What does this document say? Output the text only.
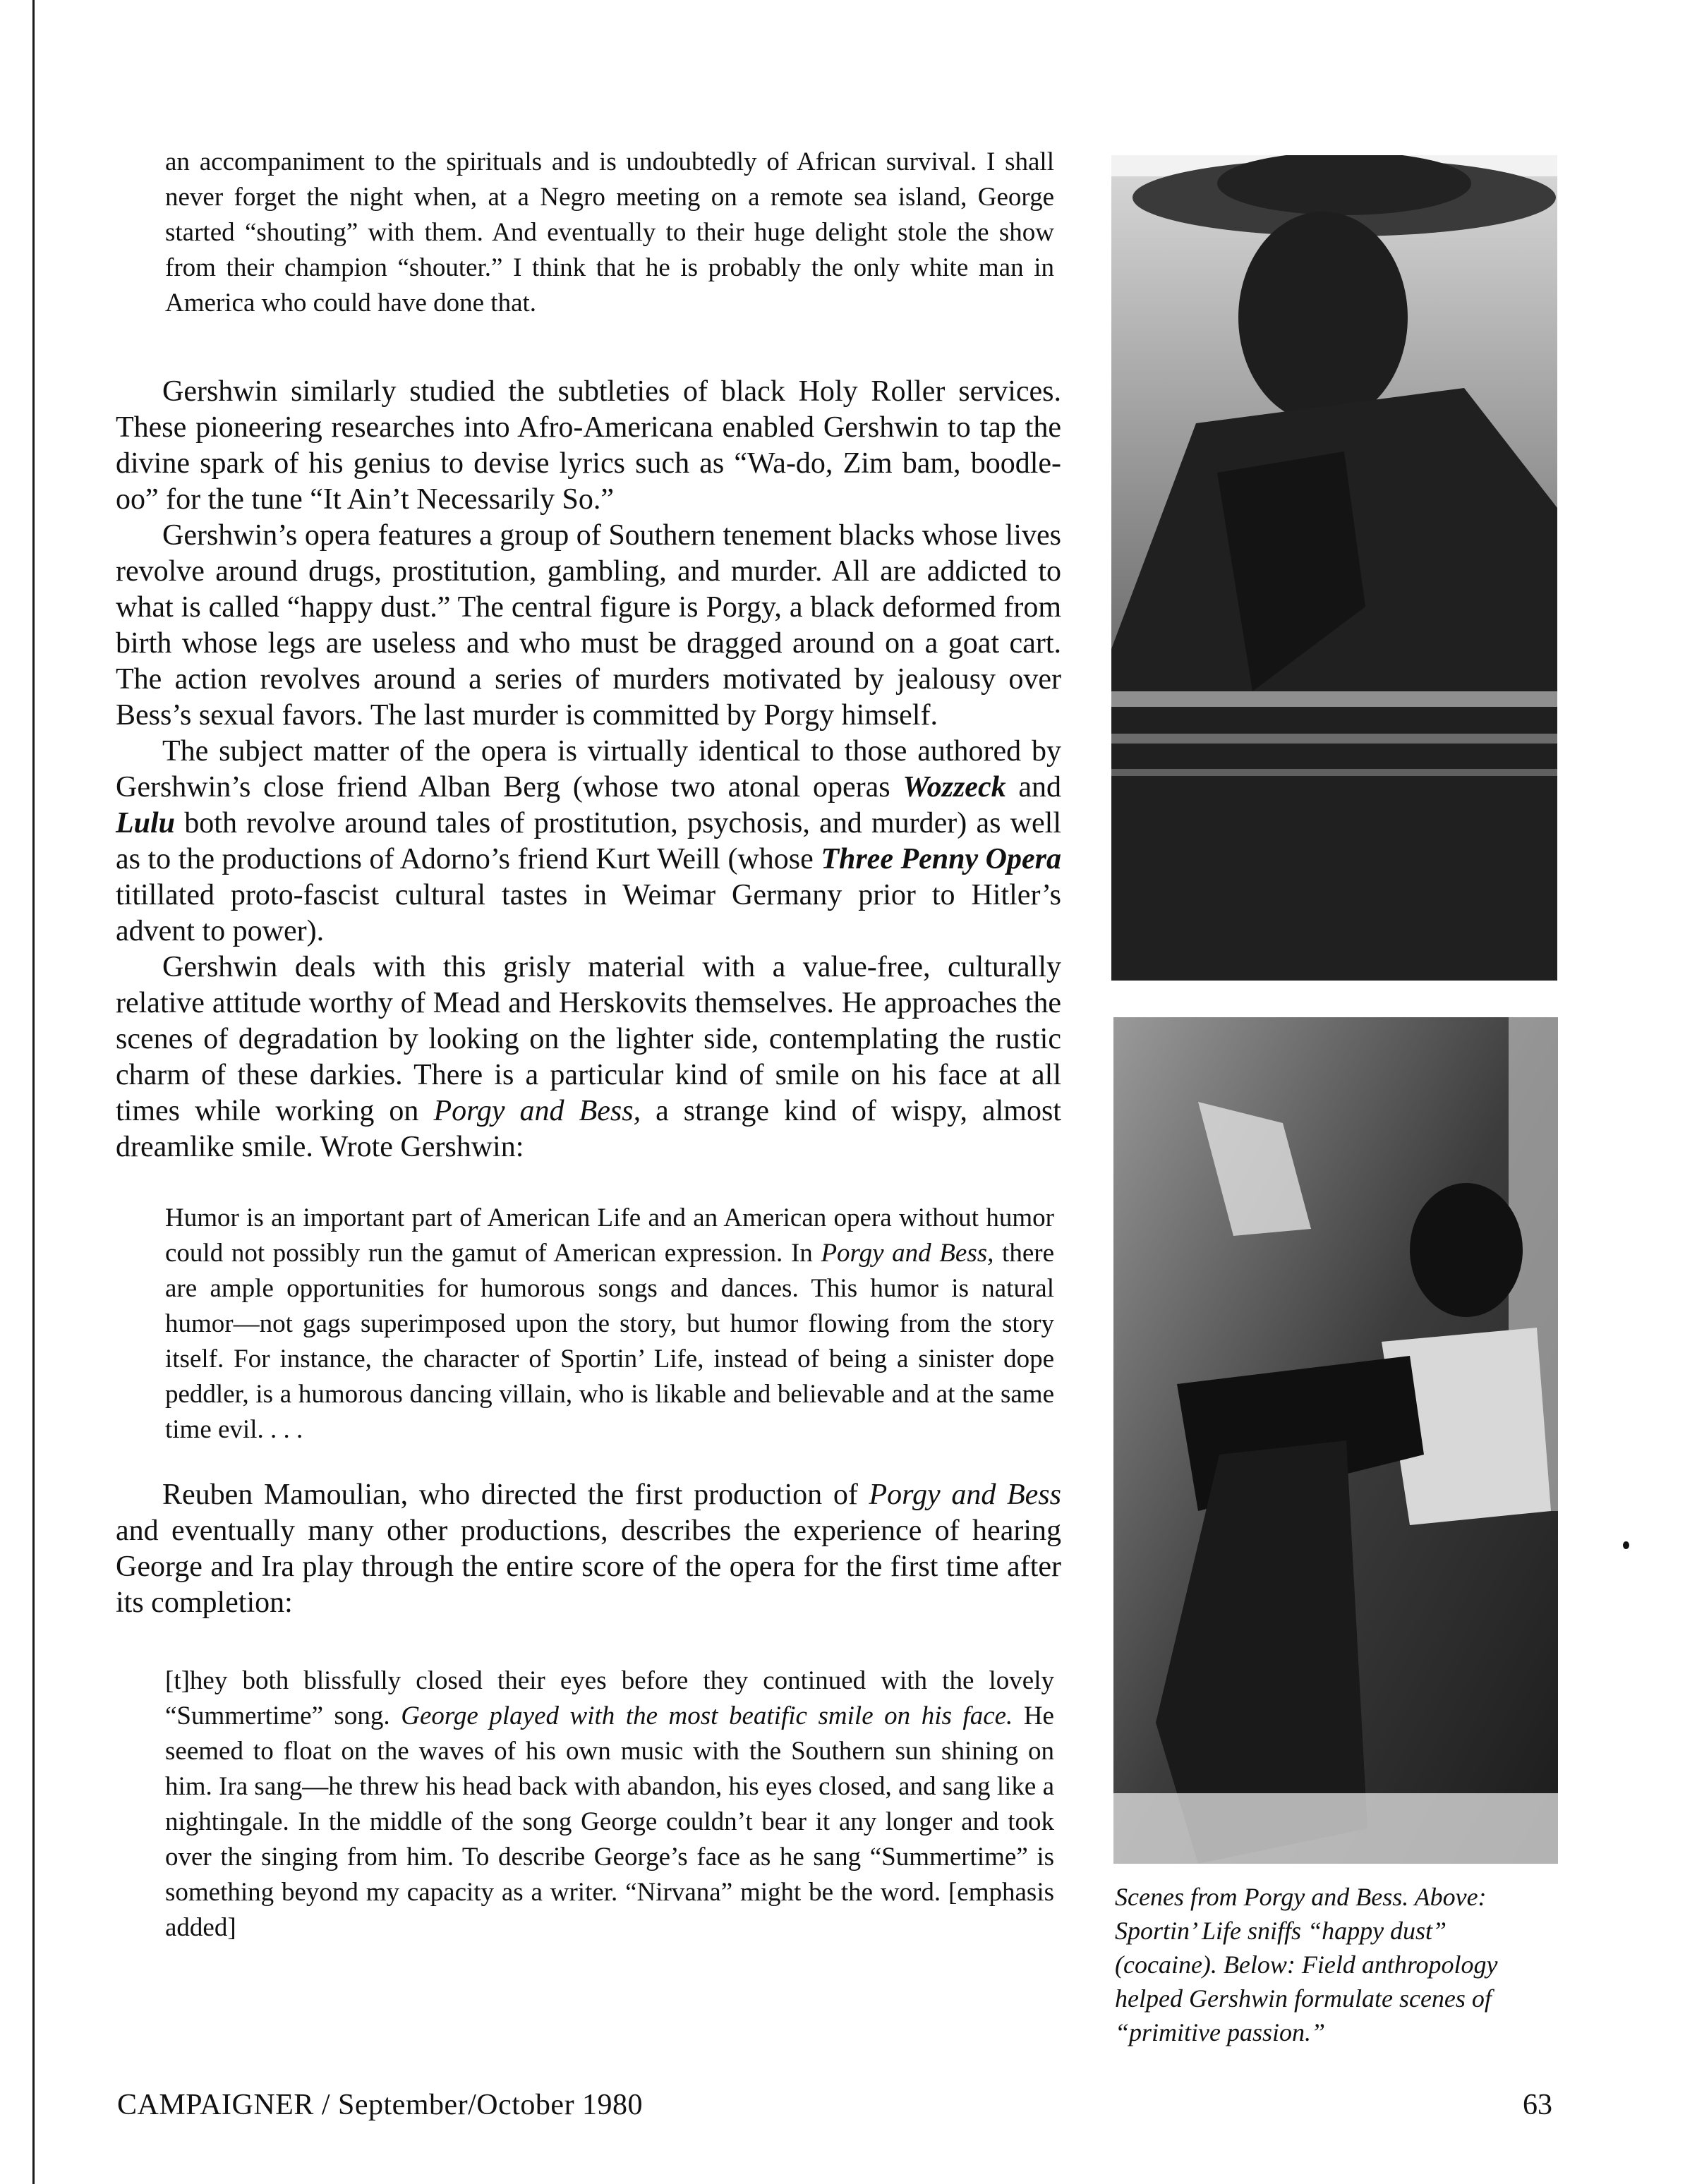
an accompaniment to the spirituals and is undoubtedly of African survival. I shall never forget the night when, at a Negro meeting on a remote sea island, George started “shouting” with them. And eventually to their huge delight stole the show from their champion “shouter.” I think that he is probably the only white man in America who could have done that.

Gershwin similarly studied the subtleties of black Holy Roller services. These pioneering researches into Afro-Americana enabled Gershwin to tap the divine spark of his genius to devise lyrics such as “Wa-do, Zim bam, boodle-oo” for the tune “It Ain’t Necessarily So.”

Gershwin’s opera features a group of Southern tenement blacks whose lives revolve around drugs, prostitution, gambling, and murder. All are addicted to what is called “happy dust.” The central figure is Porgy, a black deformed from birth whose legs are useless and who must be dragged around on a goat cart. The action revolves around a series of murders motivated by jealousy over Bess’s sexual favors. The last murder is committed by Porgy himself.

The subject matter of the opera is virtually identical to those authored by Gershwin’s close friend Alban Berg (whose two atonal operas Wozzeck and Lulu both revolve around tales of prostitution, psychosis, and murder) as well as to the productions of Adorno’s friend Kurt Weill (whose Three Penny Opera titillated proto-fascist cultural tastes in Weimar Germany prior to Hitler’s advent to power).

Gershwin deals with this grisly material with a value-free, culturally relative attitude worthy of Mead and Herskovits themselves. He approaches the scenes of degradation by looking on the lighter side, contemplating the rustic charm of these darkies. There is a particular kind of smile on his face at all times while working on Porgy and Bess, a strange kind of wispy, almost dreamlike smile. Wrote Gershwin:

Humor is an important part of American Life and an American opera without humor could not possibly run the gamut of American expression. In Porgy and Bess, there are ample opportunities for humorous songs and dances. This humor is natural humor—not gags superimposed upon the story, but humor flowing from the story itself. For instance, the character of Sportin’ Life, instead of being a sinister dope peddler, is a humorous dancing villain, who is likable and believable and at the same time evil. . . .

Reuben Mamoulian, who directed the first production of Porgy and Bess and eventually many other productions, describes the experience of hearing George and Ira play through the entire score of the opera for the first time after its completion:

[t]hey both blissfully closed their eyes before they continued with the lovely “Summertime” song. George played with the most beatific smile on his face. He seemed to float on the waves of his own music with the Southern sun shining on him. Ira sang—he threw his head back with abandon, his eyes closed, and sang like a nightingale. In the middle of the song George couldn’t bear it any longer and took over the singing from him. To describe George’s face as he sang “Summertime” is something beyond my capacity as a writer. “Nirvana” might be the word. [emphasis added]

Scenes from Porgy and Bess. Above: Sportin’ Life sniffs “happy dust” (cocaine). Below: Field anthropology helped Gershwin formulate scenes of “primitive passion.”
CAMPAIGNER / September/October 1980	63
